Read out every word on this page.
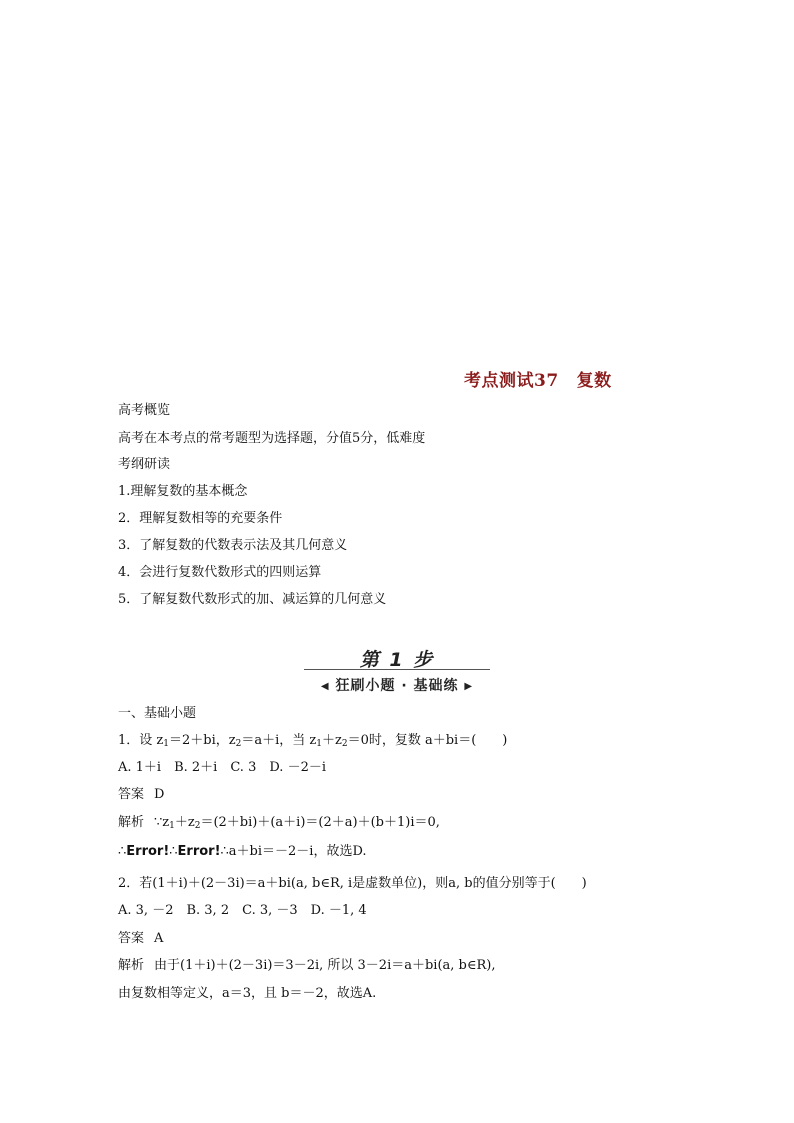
考点测试37 复数
高考概览
高考在本考点的常考题型为选择题，分值5分，低难度
考纲研读
1.理解复数的基本概念
2．理解复数相等的充要条件
3．了解复数的代数表示法及其几何意义
4．会进行复数代数形式的四则运算
5．了解复数代数形式的加、减运算的几何意义
第 1 步
◀ 狂刷小题 · 基础练 ▶
一、基础小题
1．设 $z_1=2+bi$，$z_2=a+i$，当 $z_1+z_2=0$时，复数 a＋bi＝(　　)
A. 1＋i　B. 2＋i　C. 3　D. －2－i
答案 D
解析 $\because z_1+z_2=(2+bi)+(a+i)=(2+a)+(b+1)i=0$,
∴Error!∴Error!∴a＋bi＝－2－i，故选D.
2．若(1＋i)＋(2－3i)＝a＋bi(a, b∈R, i是虚数单位)，则a, b的值分别等于(　　)
A. 3, －2　B. 3, 2　C. 3, －3　D. －1, 4
答案 A
解析 由于(1＋i)＋(2－3i)＝3－2i, 所以 3－2i＝a＋bi(a, b∈R),
由复数相等定义，a＝3，且 b＝－2，故选A.
